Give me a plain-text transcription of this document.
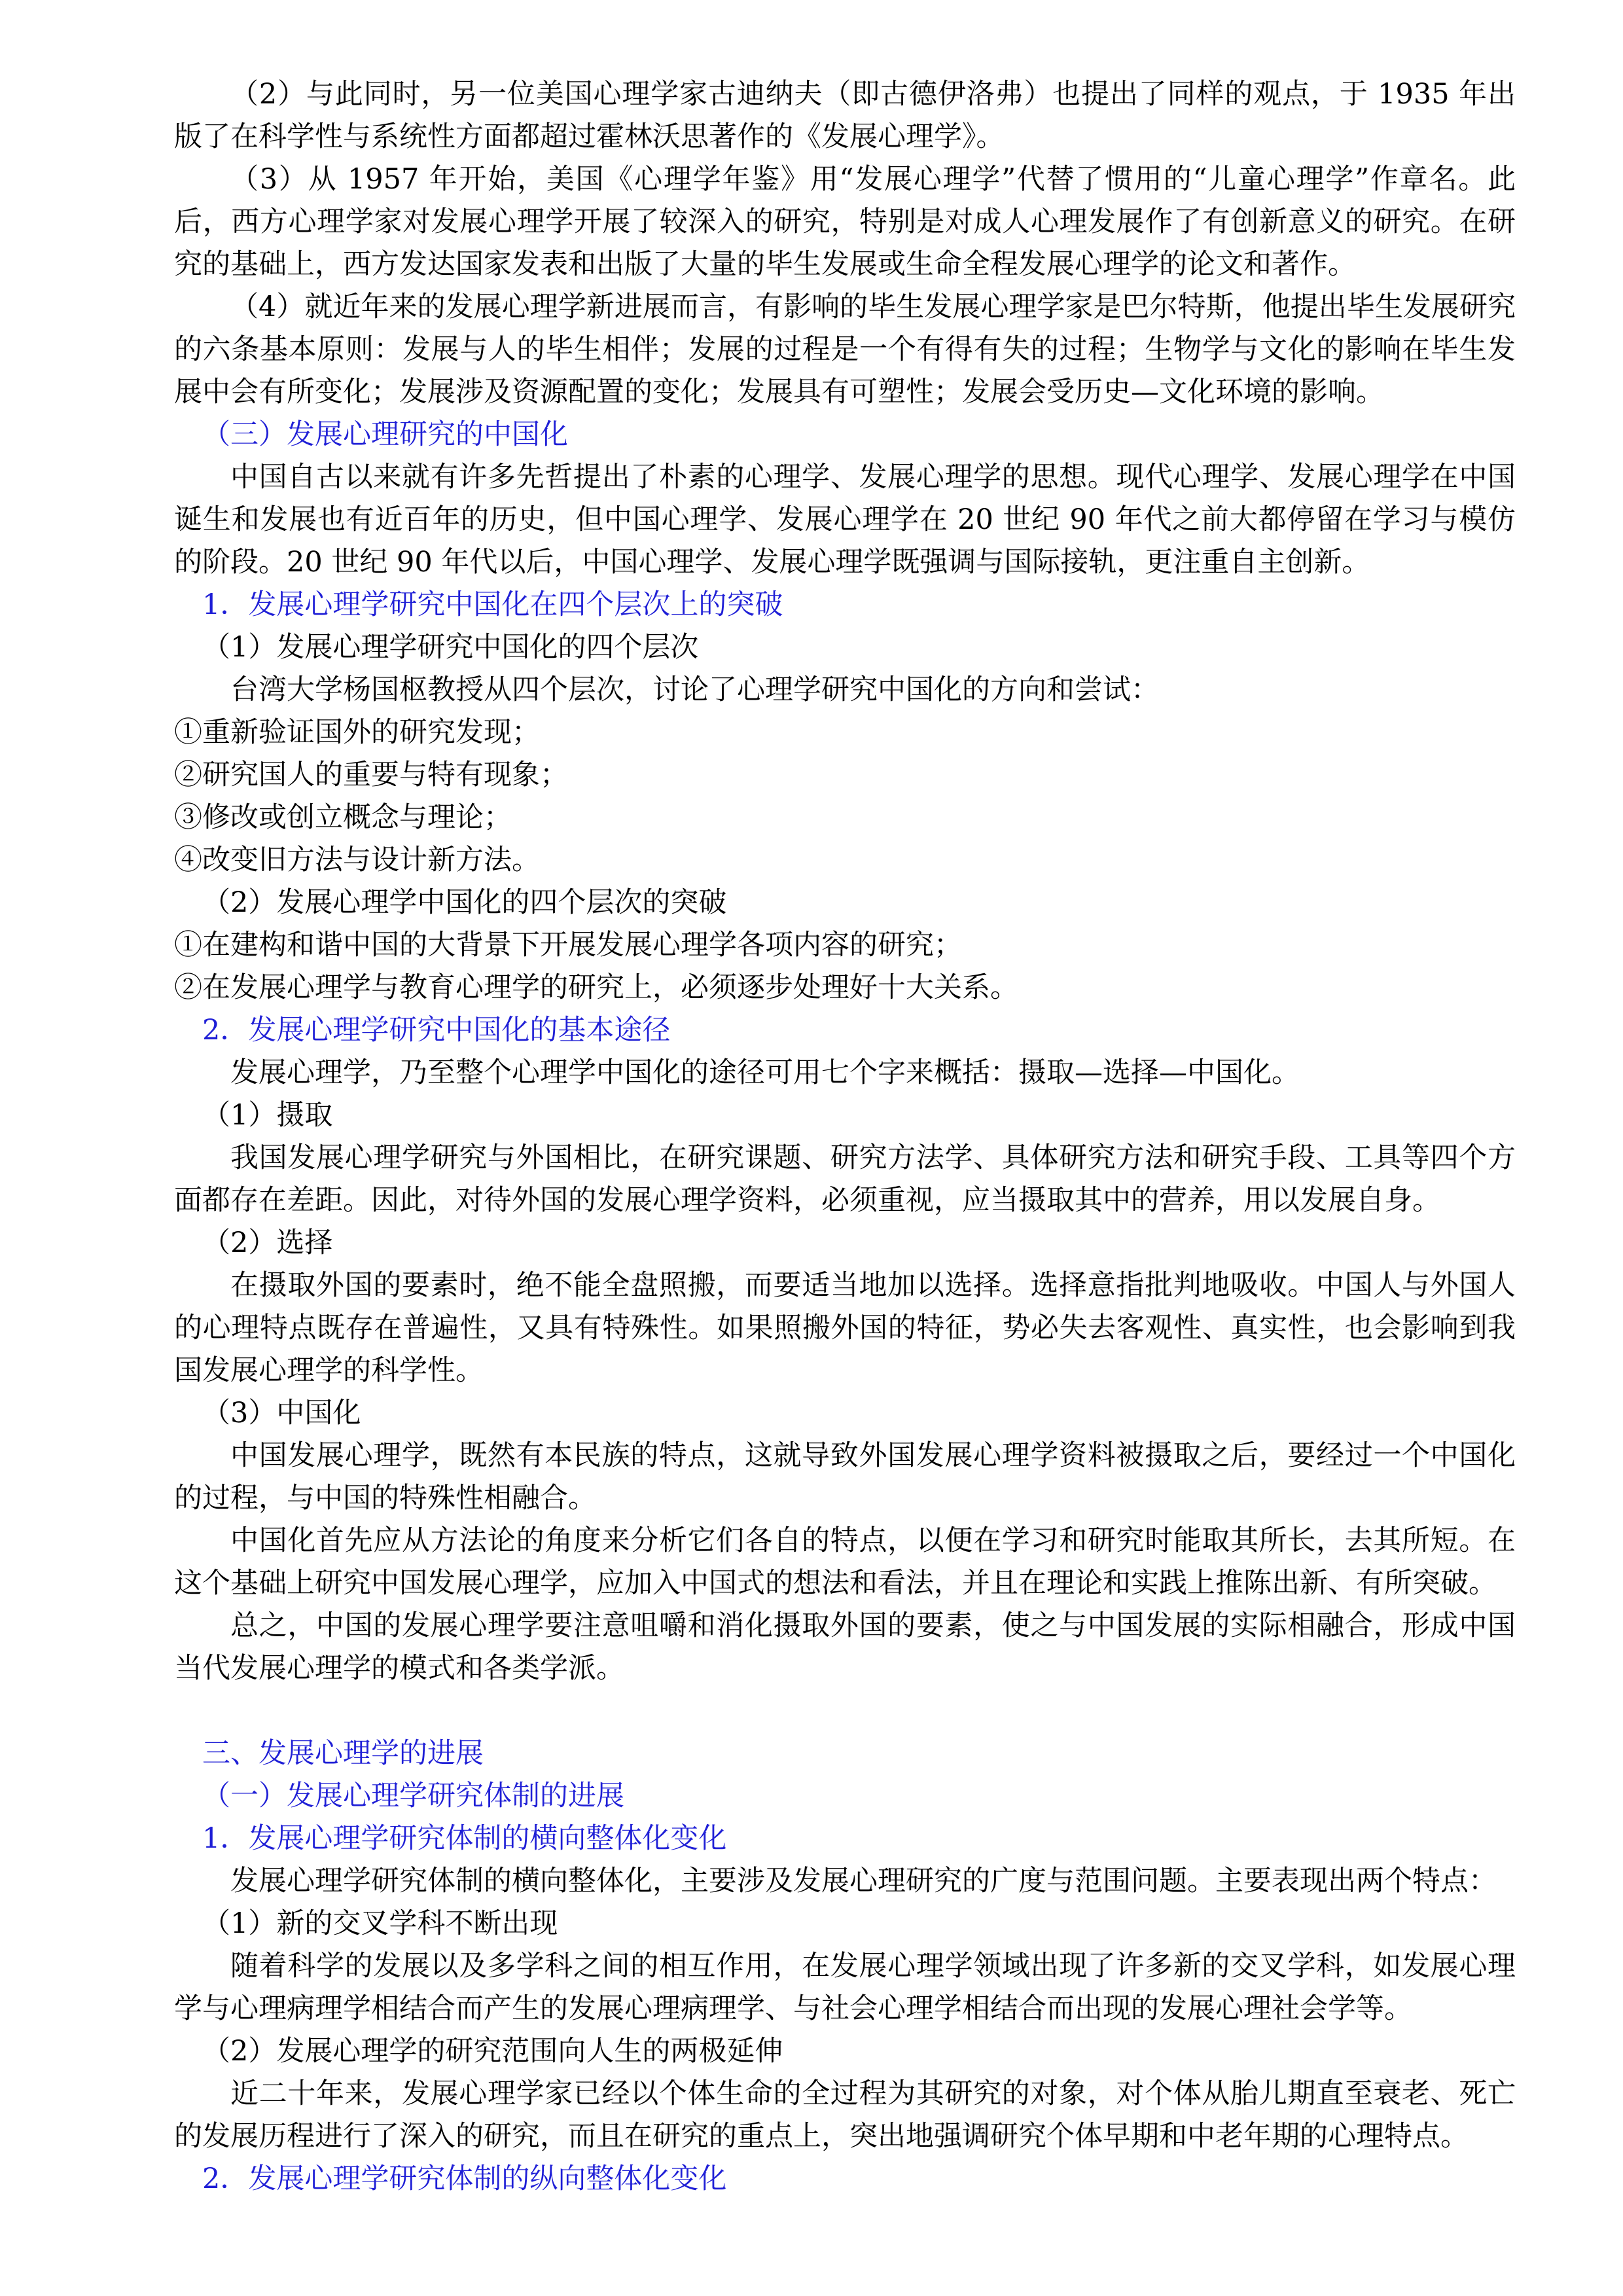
（2）与此同时，另一位美国心理学家古迪纳夫（即古德伊洛弗）也提出了同样的观点，于 1935 年出版了在科学性与系统性方面都超过霍林沃思著作的《发展心理学》。

（3）从 1957 年开始，美国《心理学年鉴》用“发展心理学”代替了惯用的“儿童心理学”作章名。此后，西方心理学家对发展心理学开展了较深入的研究，特别是对成人心理发展作了有创新意义的研究。在研究的基础上，西方发达国家发表和出版了大量的毕生发展或生命全程发展心理学的论文和著作。

（4）就近年来的发展心理学新进展而言，有影响的毕生发展心理学家是巴尔特斯，他提出毕生发展研究的六条基本原则：发展与人的毕生相伴；发展的过程是一个有得有失的过程；生物学与文化的影响在毕生发展中会有所变化；发展涉及资源配置的变化；发展具有可塑性；发展会受历史—文化环境的影响。

（三）发展心理研究的中国化

中国自古以来就有许多先哲提出了朴素的心理学、发展心理学的思想。现代心理学、发展心理学在中国诞生和发展也有近百年的历史，但中国心理学、发展心理学在 20 世纪 90 年代之前大都停留在学习与模仿的阶段。20 世纪 90 年代以后，中国心理学、发展心理学既强调与国际接轨，更注重自主创新。

1．发展心理学研究中国化在四个层次上的突破

（1）发展心理学研究中国化的四个层次

台湾大学杨国枢教授从四个层次，讨论了心理学研究中国化的方向和尝试：

①重新验证国外的研究发现；

②研究国人的重要与特有现象；

③修改或创立概念与理论；

④改变旧方法与设计新方法。

（2）发展心理学中国化的四个层次的突破

①在建构和谐中国的大背景下开展发展心理学各项内容的研究；

②在发展心理学与教育心理学的研究上，必须逐步处理好十大关系。

2．发展心理学研究中国化的基本途径

发展心理学，乃至整个心理学中国化的途径可用七个字来概括：摄取—选择—中国化。

（1）摄取

我国发展心理学研究与外国相比，在研究课题、研究方法学、具体研究方法和研究手段、工具等四个方面都存在差距。因此，对待外国的发展心理学资料，必须重视，应当摄取其中的营养，用以发展自身。

（2）选择

在摄取外国的要素时，绝不能全盘照搬，而要适当地加以选择。选择意指批判地吸收。中国人与外国人的心理特点既存在普遍性，又具有特殊性。如果照搬外国的特征，势必失去客观性、真实性，也会影响到我国发展心理学的科学性。

（3）中国化

中国发展心理学，既然有本民族的特点，这就导致外国发展心理学资料被摄取之后，要经过一个中国化的过程，与中国的特殊性相融合。

中国化首先应从方法论的角度来分析它们各自的特点，以便在学习和研究时能取其所长，去其所短。在这个基础上研究中国发展心理学，应加入中国式的想法和看法，并且在理论和实践上推陈出新、有所突破。

总之，中国的发展心理学要注意咀嚼和消化摄取外国的要素，使之与中国发展的实际相融合，形成中国当代发展心理学的模式和各类学派。

三、发展心理学的进展

（一）发展心理学研究体制的进展

1．发展心理学研究体制的横向整体化变化

发展心理学研究体制的横向整体化，主要涉及发展心理研究的广度与范围问题。主要表现出两个特点：

（1）新的交叉学科不断出现

随着科学的发展以及多学科之间的相互作用，在发展心理学领域出现了许多新的交叉学科，如发展心理学与心理病理学相结合而产生的发展心理病理学、与社会心理学相结合而出现的发展心理社会学等。

（2）发展心理学的研究范围向人生的两极延伸

近二十年来，发展心理学家已经以个体生命的全过程为其研究的对象，对个体从胎儿期直至衰老、死亡的发展历程进行了深入的研究，而且在研究的重点上，突出地强调研究个体早期和中老年期的心理特点。

2．发展心理学研究体制的纵向整体化变化
